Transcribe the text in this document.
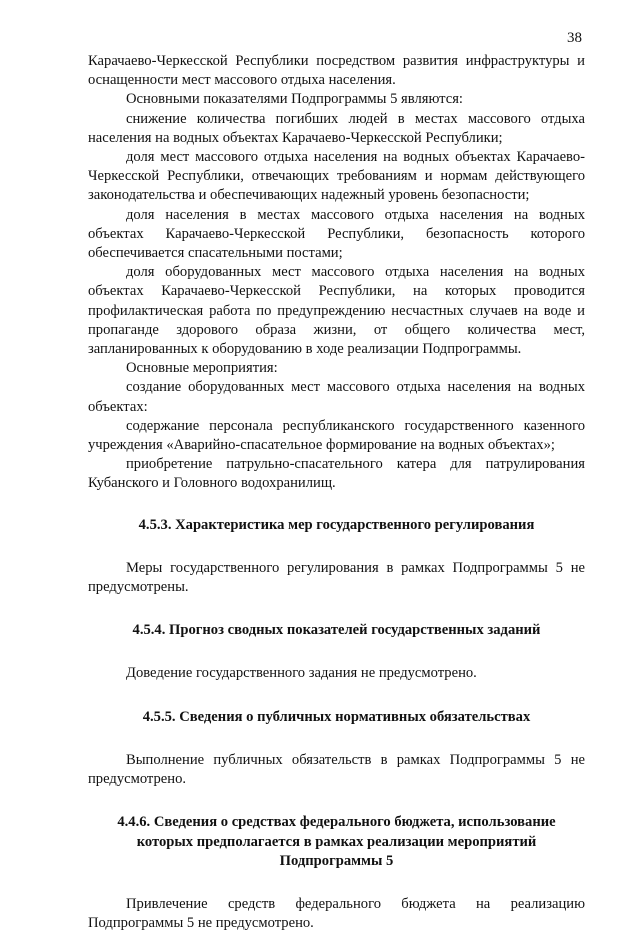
38

Карачаево-Черкесской Республики посредством развития инфраструктуры и оснащенности мест массового отдыха населения.

Основными показателями Подпрограммы 5 являются:

снижение количества погибших людей в местах массового отдыха населения на водных объектах Карачаево-Черкесской Республики;

доля мест массового отдыха населения на водных объектах Карачаево-Черкесской Республики, отвечающих требованиям и нормам действующего законодательства и обеспечивающих надежный уровень безопасности;

доля населения в местах массового отдыха населения на водных объектах Карачаево-Черкесской Республики, безопасность которого обеспечивается спасательными постами;

доля оборудованных мест массового отдыха населения на водных объектах Карачаево-Черкесской Республики, на которых проводится профилактическая работа по предупреждению несчастных случаев на воде и пропаганде здорового образа жизни, от общего количества мест, запланированных к оборудованию в ходе реализации Подпрограммы.

Основные мероприятия:

создание оборудованных мест массового отдыха населения на водных объектах:

содержание персонала республиканского государственного казенного учреждения «Аварийно-спасательное формирование на водных объектах»;

приобретение патрульно-спасательного катера для патрулирования Кубанского и Головного водохранилищ.

4.5.3. Характеристика мер государственного регулирования

Меры государственного регулирования в рамках Подпрограммы 5 не предусмотрены.

4.5.4. Прогноз сводных показателей государственных заданий

Доведение государственного задания не предусмотрено.

4.5.5. Сведения о публичных нормативных обязательствах

Выполнение публичных обязательств в рамках Подпрограммы 5 не предусмотрено.

4.4.6. Сведения о средствах федерального бюджета, использование которых предполагается в рамках реализации мероприятий Подпрограммы 5

Привлечение средств федерального бюджета на реализацию Подпрограммы 5 не предусмотрено.
